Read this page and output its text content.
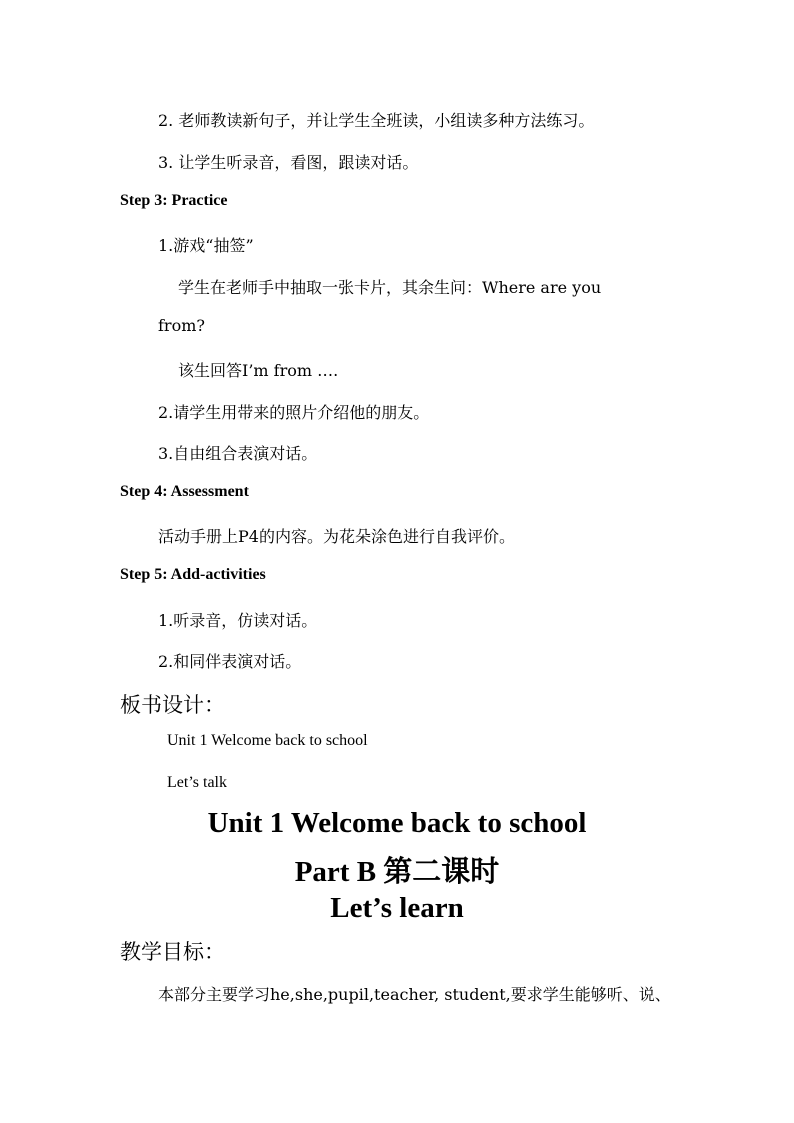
2. 老师教读新句子，并让学生全班读，小组读多种方法练习。
3. 让学生听录音，看图，跟读对话。
Step 3: Practice
1.游戏“抽签”
学生在老师手中抽取一张卡片，其余生问：Where are you
from?
该生回答I’m from ….
2.请学生用带来的照片介绍他的朋友。
3.自由组合表演对话。
Step 4: Assessment
活动手册上P4的内容。为花朵涂色进行自我评价。
Step 5: Add-activities
1.听录音，仿读对话。
2.和同伴表演对话。
板书设计：
Unit 1 Welcome back to school
Let’s talk
Unit 1 Welcome back to school
Part B 第二课时
Let’s learn
教学目标：
本部分主要学习he,she,pupil,teacher, student,要求学生能够听、说、
